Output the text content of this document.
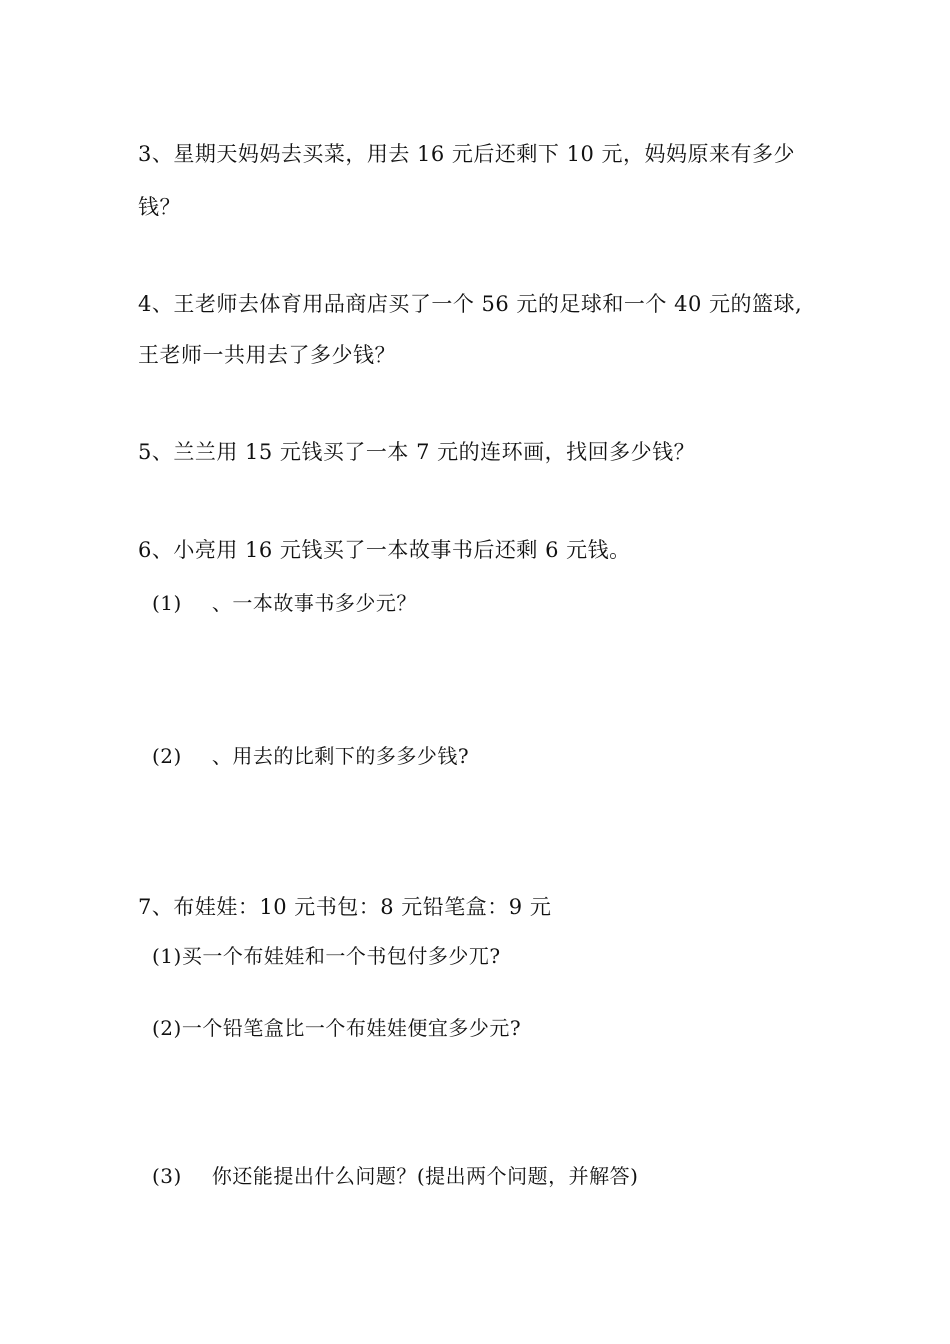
3、星期天妈妈去买菜，用去 16 元后还剩下 10 元，妈妈原来有多少
钱？
4、王老师去体育用品商店买了一个 56 元的足球和一个 40 元的篮球,
王老师一共用去了多少钱？
5、兰兰用 15 元钱买了一本 7 元的连环画，找回多少钱？
6、小亮用 16 元钱买了一本故事书后还剩 6 元钱。
(1) 、一本故事书多少元？
(2) 、用去的比剩下的多多少钱?
7、布娃娃：10 元书包：8 元铅笔盒：9 元
(1)买一个布娃娃和一个书包付多少兀?
(2)一个铅笔盒比一个布娃娃便宜多少元?
(3) 你还能提出什么问题？(提出两个问题，并解答)
